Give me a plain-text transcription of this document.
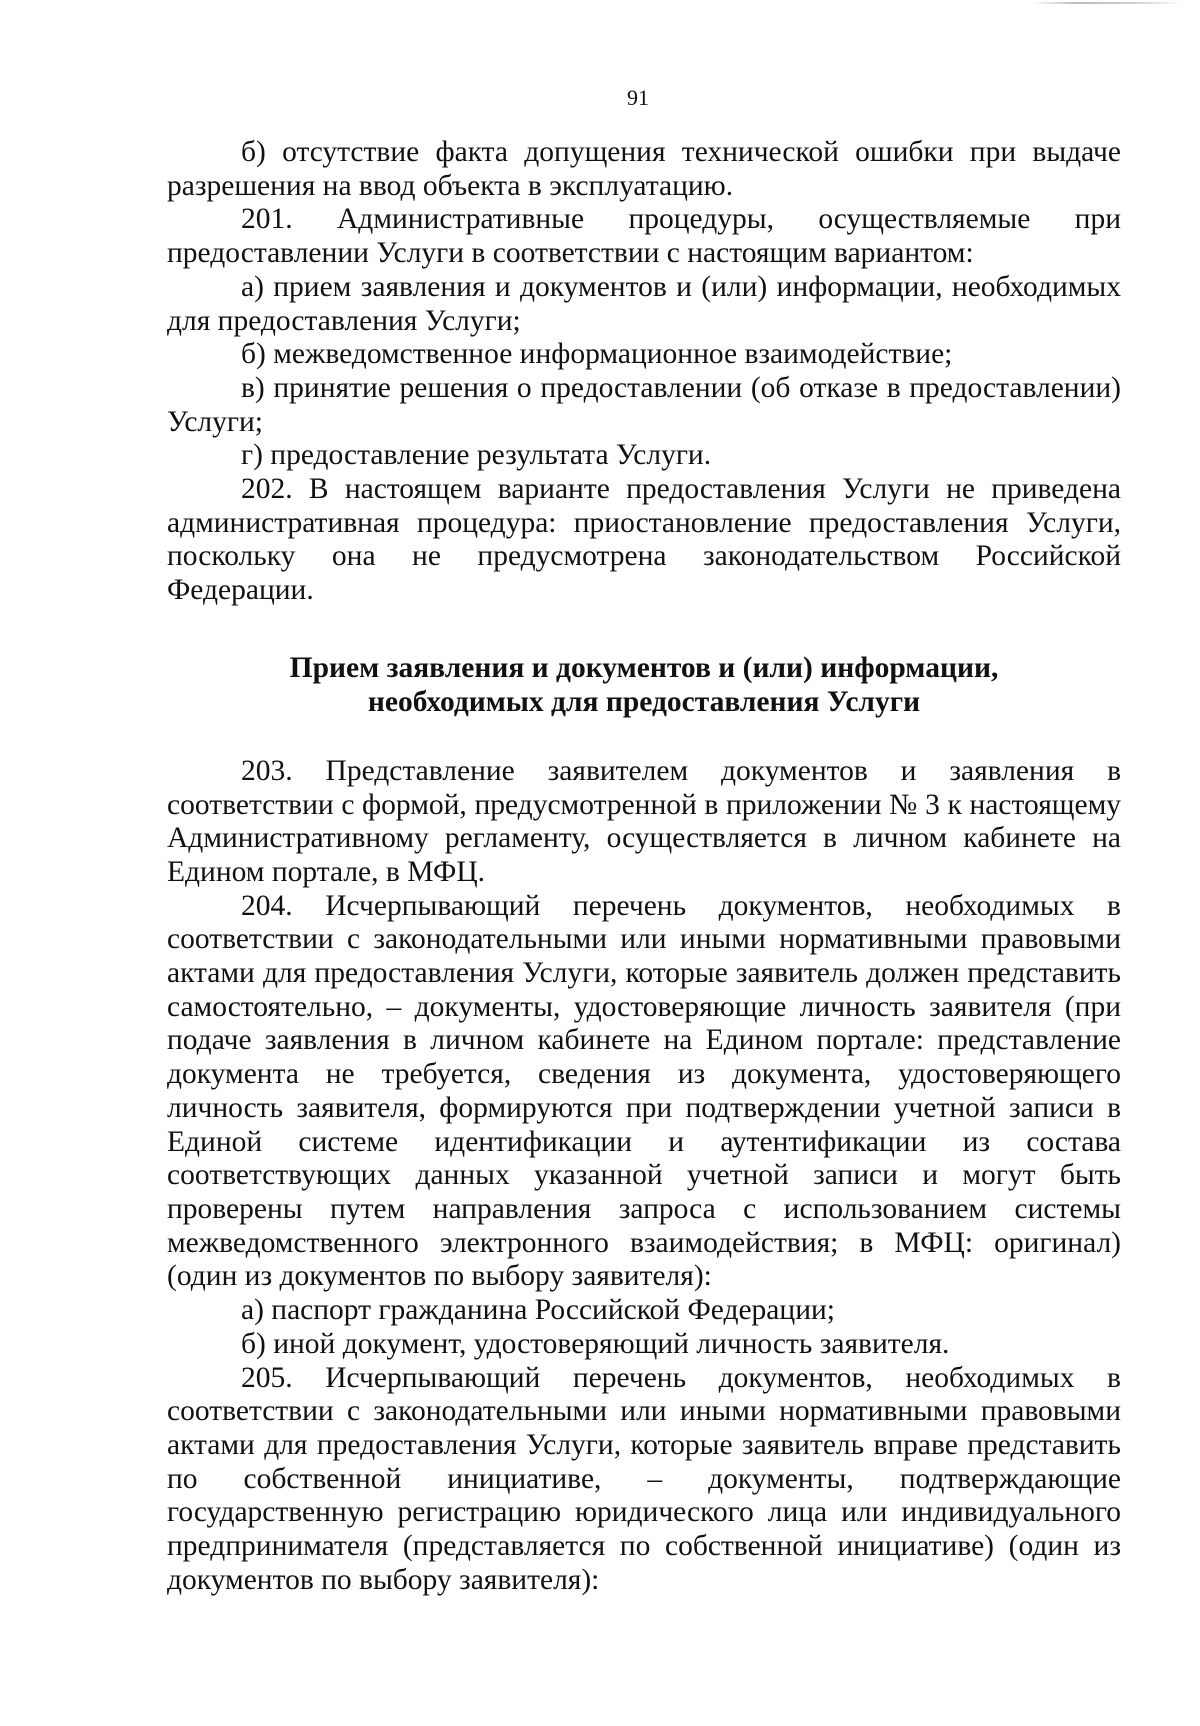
91

б) отсутствие факта допущения технической ошибки при выдаче разрешения на ввод объекта в эксплуатацию.

201. Административные процедуры, осуществляемые при предоставлении Услуги в соответствии с настоящим вариантом:

а) прием заявления и документов и (или) информации, необходимых для предоставления Услуги;

б) межведомственное информационное взаимодействие;

в) принятие решения о предоставлении (об отказе в предоставлении) Услуги;

г) предоставление результата Услуги.

202. В настоящем варианте предоставления Услуги не приведена административная процедура: приостановление предоставления Услуги, поскольку она не предусмотрена законодательством Российской Федерации.

Прием заявления и документов и (или) информации,
необходимых для предоставления Услуги

203. Представление заявителем документов и заявления в соответствии с формой, предусмотренной в приложении № 3 к настоящему Административному регламенту, осуществляется в личном кабинете на Едином портале, в МФЦ.

204. Исчерпывающий перечень документов, необходимых в соответствии с законодательными или иными нормативными правовыми актами для предоставления Услуги, которые заявитель должен представить самостоятельно, – документы, удостоверяющие личность заявителя (при подаче заявления в личном кабинете на Едином портале: представление документа не требуется, сведения из документа, удостоверяющего личность заявителя, формируются при подтверждении учетной записи в Единой системе идентификации и аутентификации из состава соответствующих данных указанной учетной записи и могут быть проверены путем направления запроса с использованием системы межведомственного электронного взаимодействия; в МФЦ: оригинал) (один из документов по выбору заявителя):

а) паспорт гражданина Российской Федерации;

б) иной документ, удостоверяющий личность заявителя.

205. Исчерпывающий перечень документов, необходимых в соответствии с законодательными или иными нормативными правовыми актами для предоставления Услуги, которые заявитель вправе представить по собственной инициативе, – документы, подтверждающие государственную регистрацию юридического лица или индивидуального предпринимателя (представляется по собственной инициативе) (один из документов по выбору заявителя):
